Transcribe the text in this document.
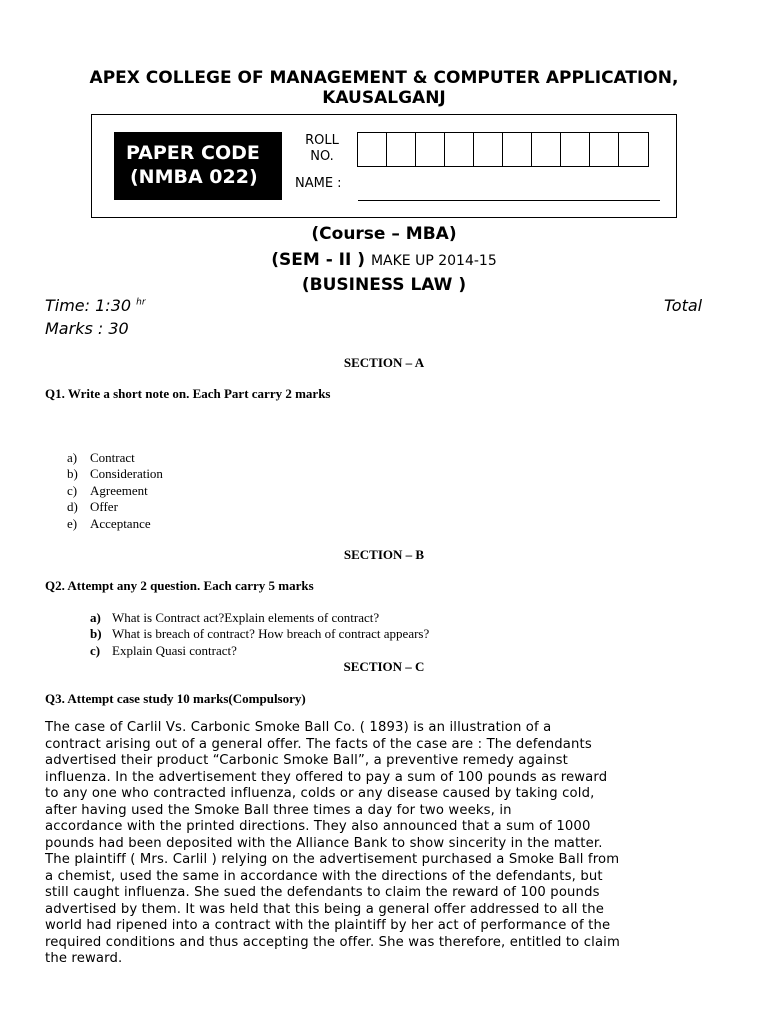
APEX COLLEGE OF MANAGEMENT & COMPUTER APPLICATION,
KAUSALGANJ
PAPER CODE
(NMBA 022)
ROLL NO.
NAME :
(Course – MBA)
(SEM - II ) MAKE UP 2014-15
(BUSINESS LAW )
Time: 1:30 $^{hr}$	Total
Marks : 30
SECTION – A
Q1. Write a short note on. Each Part carry 2 marks
a) Contract
b) Consideration
c) Agreement
d) Offer
e) Acceptance
SECTION – B
Q2. Attempt any 2 question. Each carry 5 marks
a) What is Contract act?Explain elements of contract?
b) What is breach of contract? How breach of contract appears?
c) Explain Quasi contract?
SECTION – C
Q3. Attempt case study 10 marks(Compulsory)
The case of Carlil Vs. Carbonic Smoke Ball Co. ( 1893) is an illustration of a
contract arising out of a general offer. The facts of the case are : The defendants
advertised their product “Carbonic Smoke Ball”, a preventive remedy against
influenza. In the advertisement they offered to pay a sum of 100 pounds as reward
to any one who contracted influenza, colds or any disease caused by taking cold,
after having used the Smoke Ball three times a day for two weeks, in
accordance with the printed directions. They also announced that a sum of 1000
pounds had been deposited with the Alliance Bank to show sincerity in the matter.
The plaintiff ( Mrs. Carlil ) relying on the advertisement purchased a Smoke Ball from
a chemist, used the same in accordance with the directions of the defendants, but
still caught influenza. She sued the defendants to claim the reward of 100 pounds
advertised by them. It was held that this being a general offer addressed to all the
world had ripened into a contract with the plaintiff by her act of performance of the
required conditions and thus accepting the offer. She was therefore, entitled to claim
the reward.
